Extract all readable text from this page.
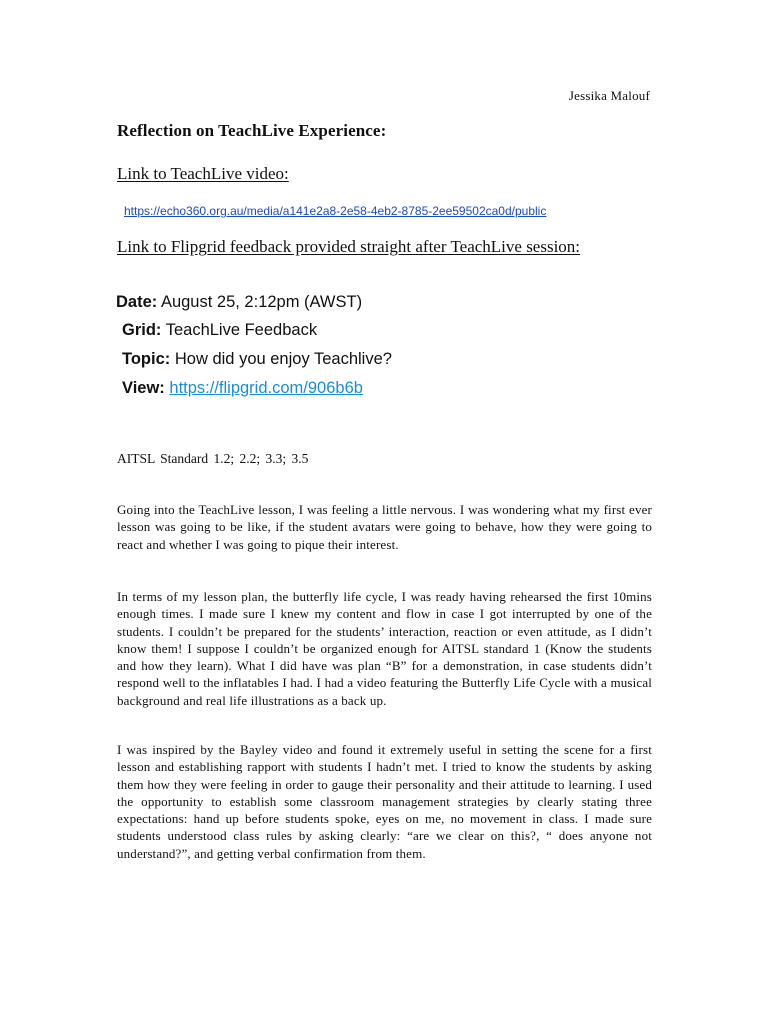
Jessika Malouf
Reflection on TeachLive Experience:
Link to TeachLive video:
https://echo360.org.au/media/a141e2a8-2e58-4eb2-8785-2ee59502ca0d/public
Link to Flipgrid feedback provided straight after TeachLive session:
Date: August 25, 2:12pm (AWST)
Grid: TeachLive Feedback
Topic: How did you enjoy Teachlive?
View: https://flipgrid.com/906b6b
AITSL Standard 1.2; 2.2; 3.3; 3.5

Going into the TeachLive lesson, I was feeling a little nervous. I was wondering what my first ever lesson was going to be like, if the student avatars were going to behave, how they were going to react and whether I was going to pique their interest.

In terms of my lesson plan, the butterfly life cycle, I was ready having rehearsed the first 10mins enough times. I made sure I knew my content and flow in case I got interrupted by one of the students. I couldn’t be prepared for the students’ interaction, reaction or even attitude, as I didn’t know them! I suppose I couldn’t be organized enough for AITSL standard 1 (Know the students and how they learn). What I did have was plan “B” for a demonstration, in case students didn’t respond well to the inflatables I had. I had a video featuring the Butterfly Life Cycle with a musical background and real life illustrations as a back up.

I was inspired by the Bayley video and found it extremely useful in setting the scene for a first lesson and establishing rapport with students I hadn’t met. I tried to know the students by asking them how they were feeling in order to gauge their personality and their attitude to learning. I used the opportunity to establish some classroom management strategies by clearly stating three expectations: hand up before students spoke, eyes on me, no movement in class. I made sure students understood class rules by asking clearly: “are we clear on this?, “ does anyone not understand?”, and getting verbal confirmation from them.
